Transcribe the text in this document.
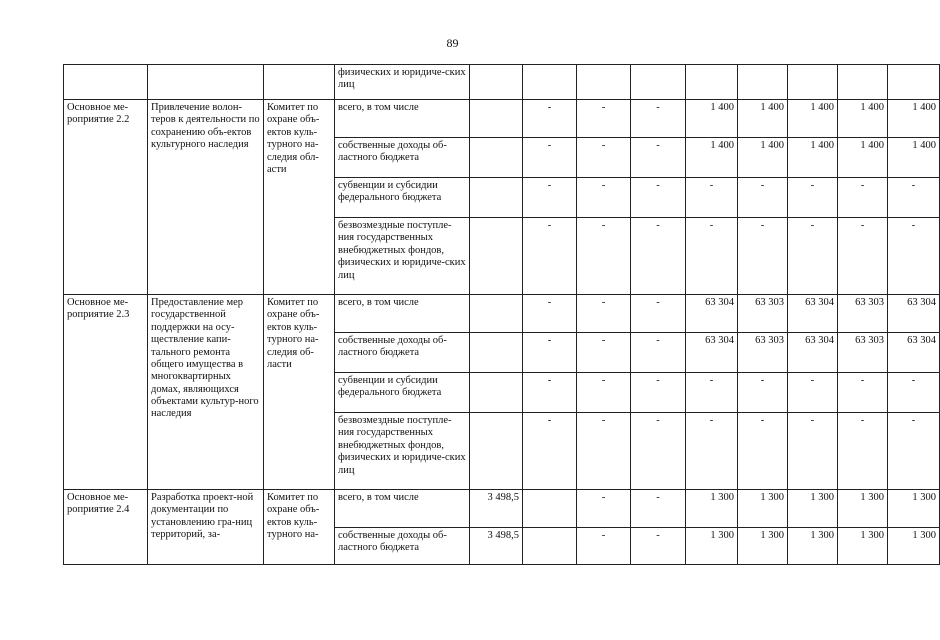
89
			физических и юридиче-ских лиц									
Основное ме-роприятие 2.2	Привлечение волон-теров к деятельности по сохранению объ-ектов культурного наследия	Комитет по охране объ-ектов куль-турного на-следия обл-асти	всего, в том числе		-	-	-	1 400	1 400	1 400	1 400	1 400
			собственные доходы об-ластного бюджета		-	-	-	1 400	1 400	1 400	1 400	1 400
			субвенции и субсидии федерального бюджета		-	-	-	-	-	-	-	-
			безвозмездные поступле-ния государственных внебюджетных фондов, физических и юридиче-ских лиц		-	-	-	-	-	-	-	-
Основное ме-роприятие 2.3	Предоставление мер государственной поддержки на осу-ществление капи-тального ремонта общего имущества в многоквартирных домах, являющихся объектами культур-ного наследия	Комитет по охране объ-ектов куль-турного на-следия об-ласти	всего, в том числе		-	-	-	63 304	63 303	63 304	63 303	63 304
			собственные доходы об-ластного бюджета		-	-	-	63 304	63 303	63 304	63 303	63 304
			субвенции и субсидии федерального бюджета		-	-	-	-	-	-	-	-
			безвозмездные поступле-ния государственных внебюджетных фондов, физических и юридиче-ских лиц		-	-	-	-	-	-	-	-
Основное ме-роприятие 2.4	Разработка проект-ной документации по установлению гра-ниц территорий, за-	Комитет по охране объ-ектов куль-турного на-	всего, в том числе	3 498,5		-	-	1 300	1 300	1 300	1 300	1 300
			собственные доходы об-ластного бюджета	3 498,5		-	-	1 300	1 300	1 300	1 300	1 300
